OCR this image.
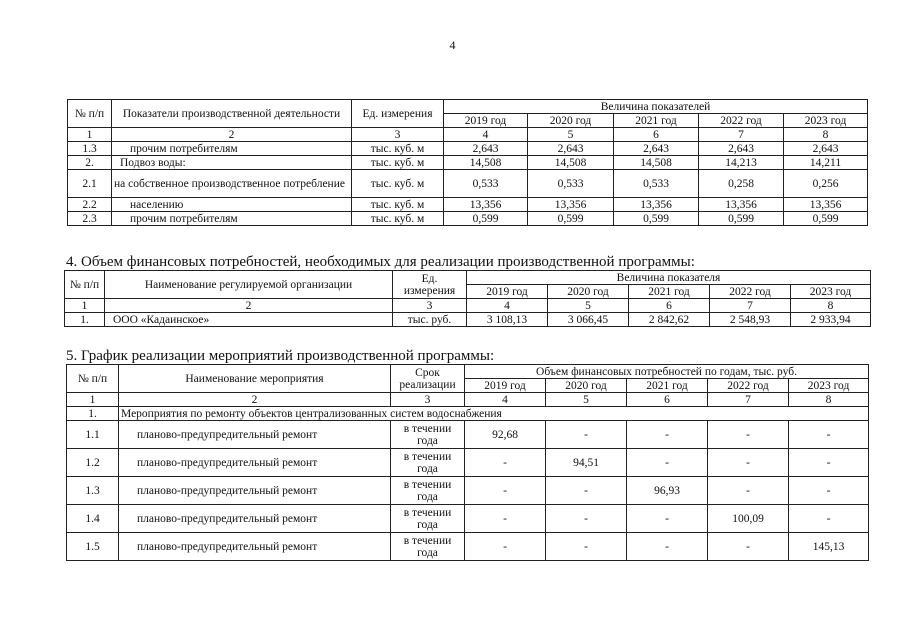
4
№ п/п	Показатели производственной деятельности	Ед. измерения	Величина показателей				
			2019 год	2020 год	2021 год	2022 год	2023 год
1	2	3	4	5	6	7	8
1.3	прочим потребителям	тыс. куб. м	2,643	2,643	2,643	2,643	2,643
2.	Подвоз воды:	тыс. куб. м	14,508	14,508	14,508	14,213	14,211
2.1	на собственное производственное потребление	тыс. куб. м	0,533	0,533	0,533	0,258	0,256
2.2	населению	тыс. куб. м	13,356	13,356	13,356	13,356	13,356
2.3	прочим потребителям	тыс. куб. м	0,599	0,599	0,599	0,599	0,599
4. Объем финансовых потребностей, необходимых для реализации производственной программы:
№ п/п	Наименование регулируемой организации	Ед. измерения	Величина показателя				
			2019 год	2020 год	2021 год	2022 год	2023 год
1	2	3	4	5	6	7	8
1.	ООО «Кадаинское»	тыс. руб.	3 108,13	3 066,45	2 842,62	2 548,93	2 933,94
5. График реализации мероприятий производственной программы:
№ п/п	Наименование мероприятия	Срок реализации	Объем финансовых потребностей по годам, тыс. руб.				
			2019 год	2020 год	2021 год	2022 год	2023 год
1	2	3	4	5	6	7	8
1.	Мероприятия по ремонту объектов централизованных систем водоснабжения						
1.1	планово-предупредительный ремонт	в течении года	92,68	-	-	-	-
1.2	планово-предупредительный ремонт	в течении года	-	94,51	-	-	-
1.3	планово-предупредительный ремонт	в течении года	-	-	96,93	-	-
1.4	планово-предупредительный ремонт	в течении года	-	-	-	100,09	-
1.5	планово-предупредительный ремонт	в течении года	-	-	-	-	145,13
